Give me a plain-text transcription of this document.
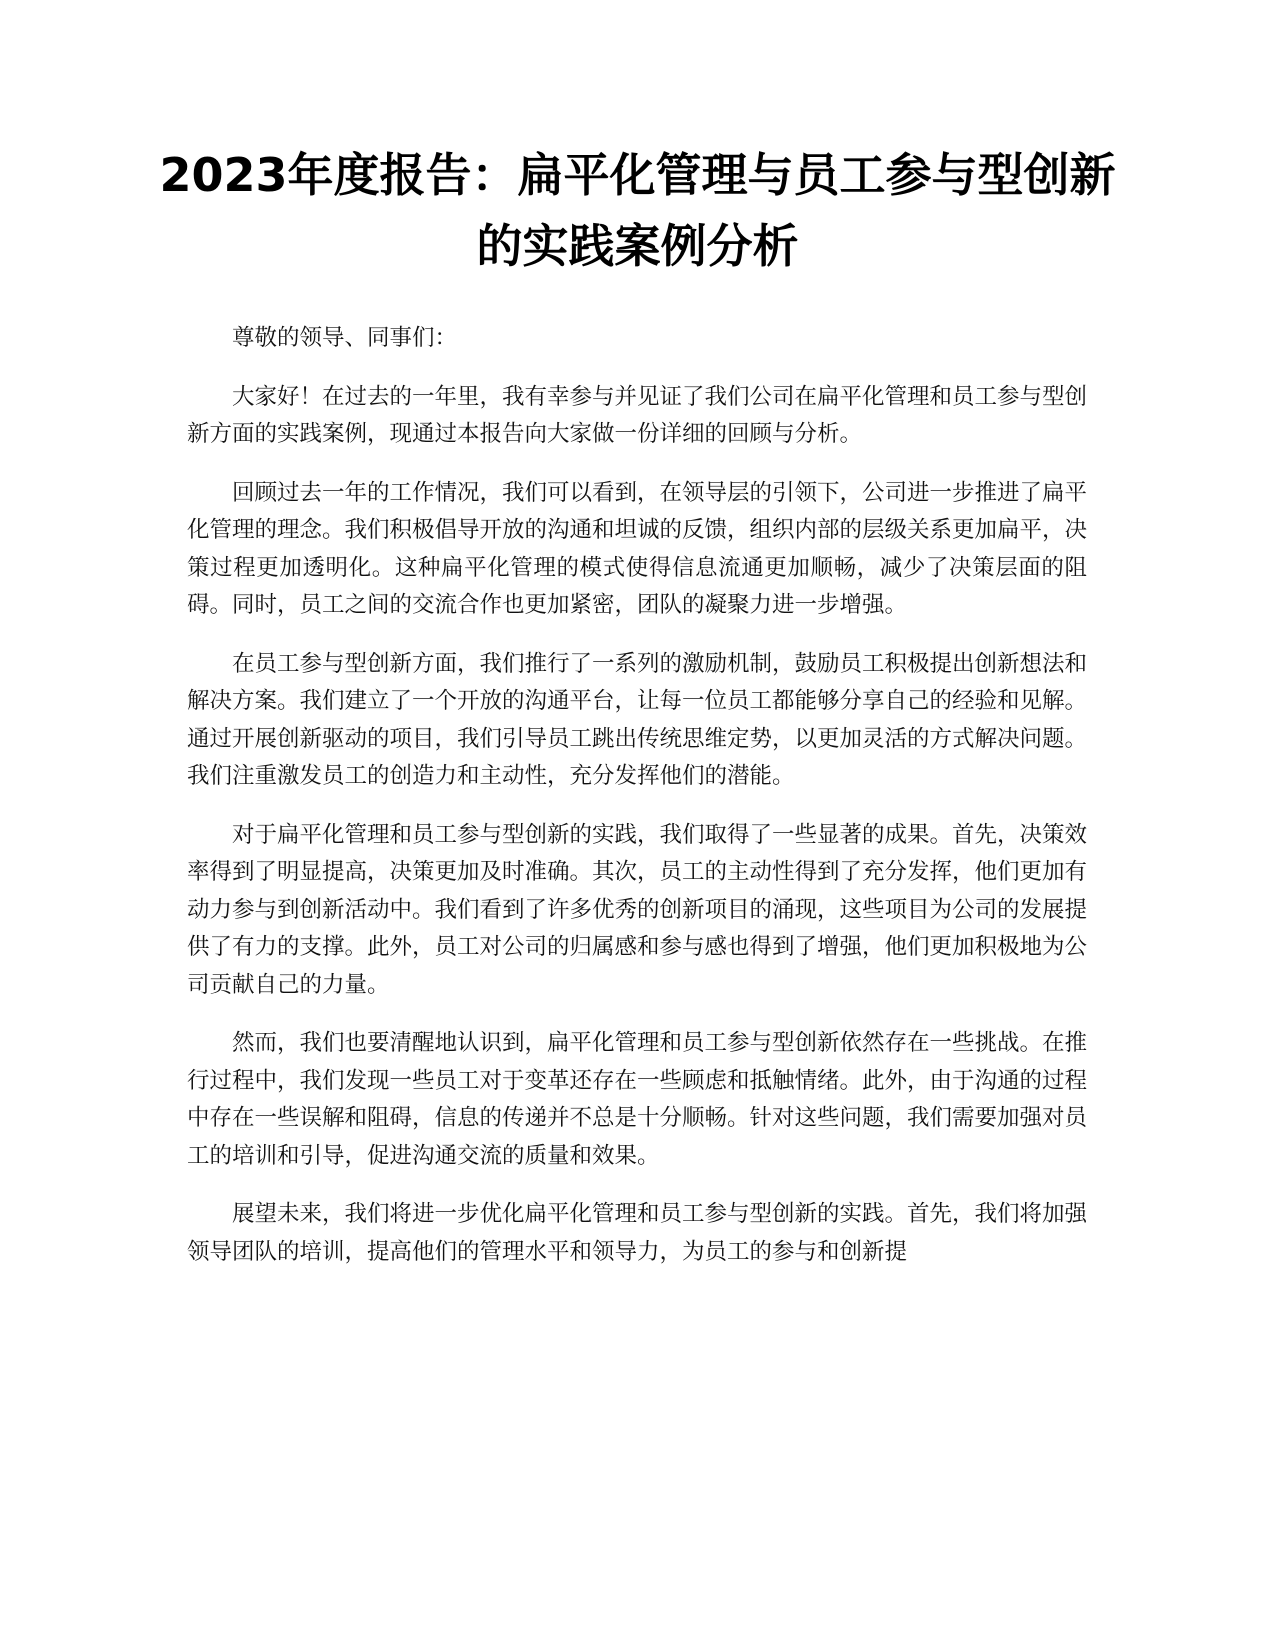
2023年度报告：扁平化管理与员工参与型创新的实践案例分析

尊敬的领导、同事们：

大家好！在过去的一年里，我有幸参与并见证了我们公司在扁平化管理和员工参与型创新方面的实践案例，现通过本报告向大家做一份详细的回顾与分析。

回顾过去一年的工作情况，我们可以看到，在领导层的引领下，公司进一步推进了扁平化管理的理念。我们积极倡导开放的沟通和坦诚的反馈，组织内部的层级关系更加扁平，决策过程更加透明化。这种扁平化管理的模式使得信息流通更加顺畅，减少了决策层面的阻碍。同时，员工之间的交流合作也更加紧密，团队的凝聚力进一步增强。

在员工参与型创新方面，我们推行了一系列的激励机制，鼓励员工积极提出创新想法和解决方案。我们建立了一个开放的沟通平台，让每一位员工都能够分享自己的经验和见解。通过开展创新驱动的项目，我们引导员工跳出传统思维定势，以更加灵活的方式解决问题。我们注重激发员工的创造力和主动性，充分发挥他们的潜能。

对于扁平化管理和员工参与型创新的实践，我们取得了一些显著的成果。首先，决策效率得到了明显提高，决策更加及时准确。其次，员工的主动性得到了充分发挥，他们更加有动力参与到创新活动中。我们看到了许多优秀的创新项目的涌现，这些项目为公司的发展提供了有力的支撑。此外，员工对公司的归属感和参与感也得到了增强，他们更加积极地为公司贡献自己的力量。

然而，我们也要清醒地认识到，扁平化管理和员工参与型创新依然存在一些挑战。在推行过程中，我们发现一些员工对于变革还存在一些顾虑和抵触情绪。此外，由于沟通的过程中存在一些误解和阻碍，信息的传递并不总是十分顺畅。针对这些问题，我们需要加强对员工的培训和引导，促进沟通交流的质量和效果。

展望未来，我们将进一步优化扁平化管理和员工参与型创新的实践。首先，我们将加强领导团队的培训，提高他们的管理水平和领导力，为员工的参与和创新提
